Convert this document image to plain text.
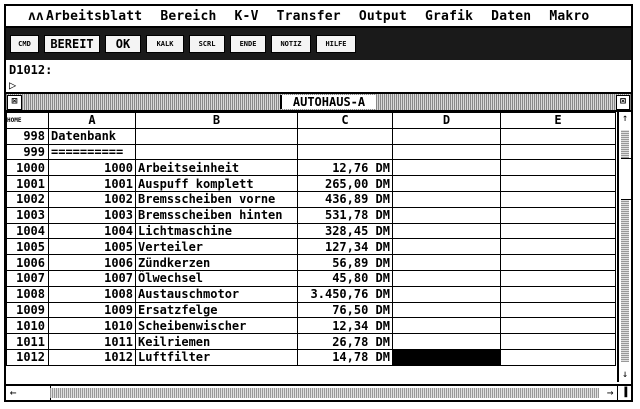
ʌʌ Arbeitsblatt Bereich K-V Transfer Output Grafik Daten Makro
CMD	BEREIT	OK	KALK	SCRL	ENDE	NOTIZ	HILFE
D1012:
▷
⊠	AUTOHAUS-A	⊠
HOME	A	B	C	D	E
998	Datenbank				
999	==========				
1000	1000	Arbeitseinheit	12,76 DM		
1001	1001	Auspuff komplett	265,00 DM		
1002	1002	Bremsscheiben vorne	436,89 DM		
1003	1003	Bremsscheiben hinten	531,78 DM		
1004	1004	Lichtmaschine	328,45 DM		
1005	1005	Verteiler	127,34 DM		
1006	1006	Zündkerzen	56,89 DM		
1007	1007	Ölwechsel	45,80 DM		
1008	1008	Austauschmotor	3.450,76 DM		
1009	1009	Ersatzfelge	76,50 DM		
1010	1010	Scheibenwischer	12,34 DM		
1011	1011	Keilriemen	26,78 DM		
1012	1012	Luftfilter	14,78 DM		
↑
↓
←	→ ▐
